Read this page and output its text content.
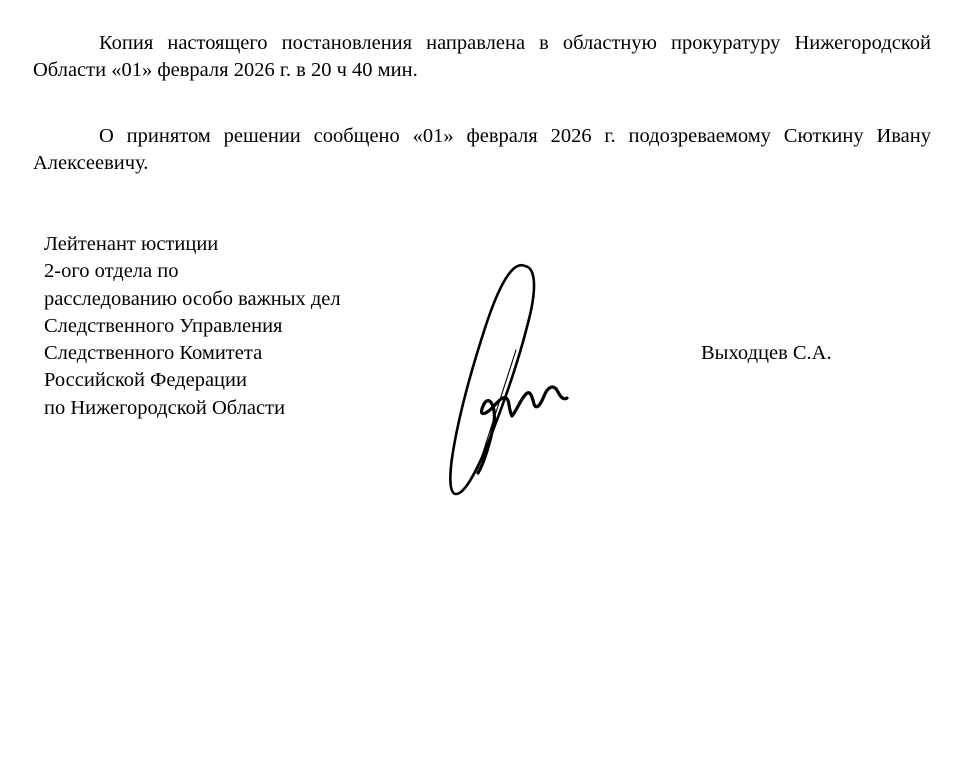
Копия настоящего постановления направлена в областную прокуратуру Нижегородской Области «01» февраля 2026 г. в 20 ч 40 мин.

О принятом решении сообщено «01» февраля 2026 г. подозреваемому Сюткину Ивану Алексеевичу.

Лейтенант юстиции
2-ого отдела по
расследованию особо важных дел
Следственного Управления
Следственного Комитета
Российской Федерации
по Нижегородской Области
Выходцев С.А.
